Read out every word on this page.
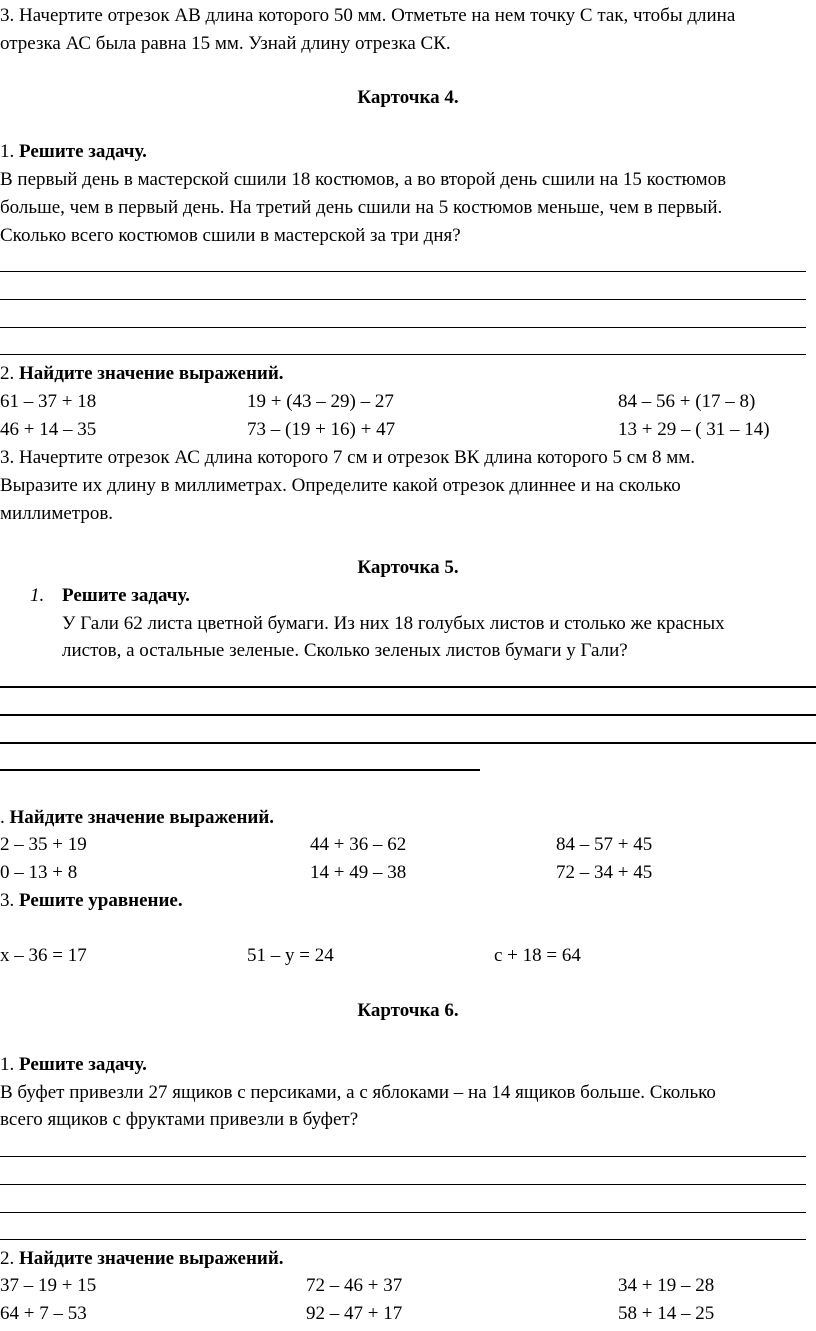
3. Начертите отрезок АВ длина которого 50 мм. Отметьте на нем точку С так, чтобы длина
отрезка АС была равна 15 мм. Узнай длину отрезка СК.
Карточка 4.
1. Решите задачу.
В первый день в мастерской сшили 18 костюмов, а во второй день сшили на 15 костюмов
больше, чем в первый день. На третий день сшили на 5 костюмов меньше, чем в первый.
Сколько всего костюмов сшили в мастерской за три дня?
2. Найдите значение выражений.
61 – 37 + 18	19 + (43 – 29) – 27	84 – 56 + (17 – 8)
46 + 14 – 35	73 – (19 + 16) + 47	13 + 29 – ( 31 – 14)
3. Начертите отрезок АС длина которого 7 см и отрезок ВК длина которого 5 см 8 мм.
Выразите их длину в миллиметрах. Определите какой отрезок длиннее и на сколько
миллиметров.
Карточка 5.
1. Решите задачу.
У Гали 62 листа цветной бумаги. Из них 18 голубых листов и столько же красных
листов, а остальные зеленые. Сколько зеленых листов бумаги у Гали?
. Найдите значение выражений.
2 – 35 + 19	44 + 36 – 62	84 – 57 + 45
0 – 13 + 8	14 + 49 – 38	72 – 34 + 45
3. Решите уравнение.
х – 36 = 17	51 – у = 24	с + 18 = 64
Карточка 6.
1. Решите задачу.
В буфет привезли 27 ящиков с персиками, а с яблоками – на 14 ящиков больше. Сколько
всего ящиков с фруктами привезли в буфет?
2. Найдите значение выражений.
37 – 19 + 15	72 – 46 + 37	34 + 19 – 28
64 + 7 – 53	92 – 47 + 17	58 + 14 – 25
